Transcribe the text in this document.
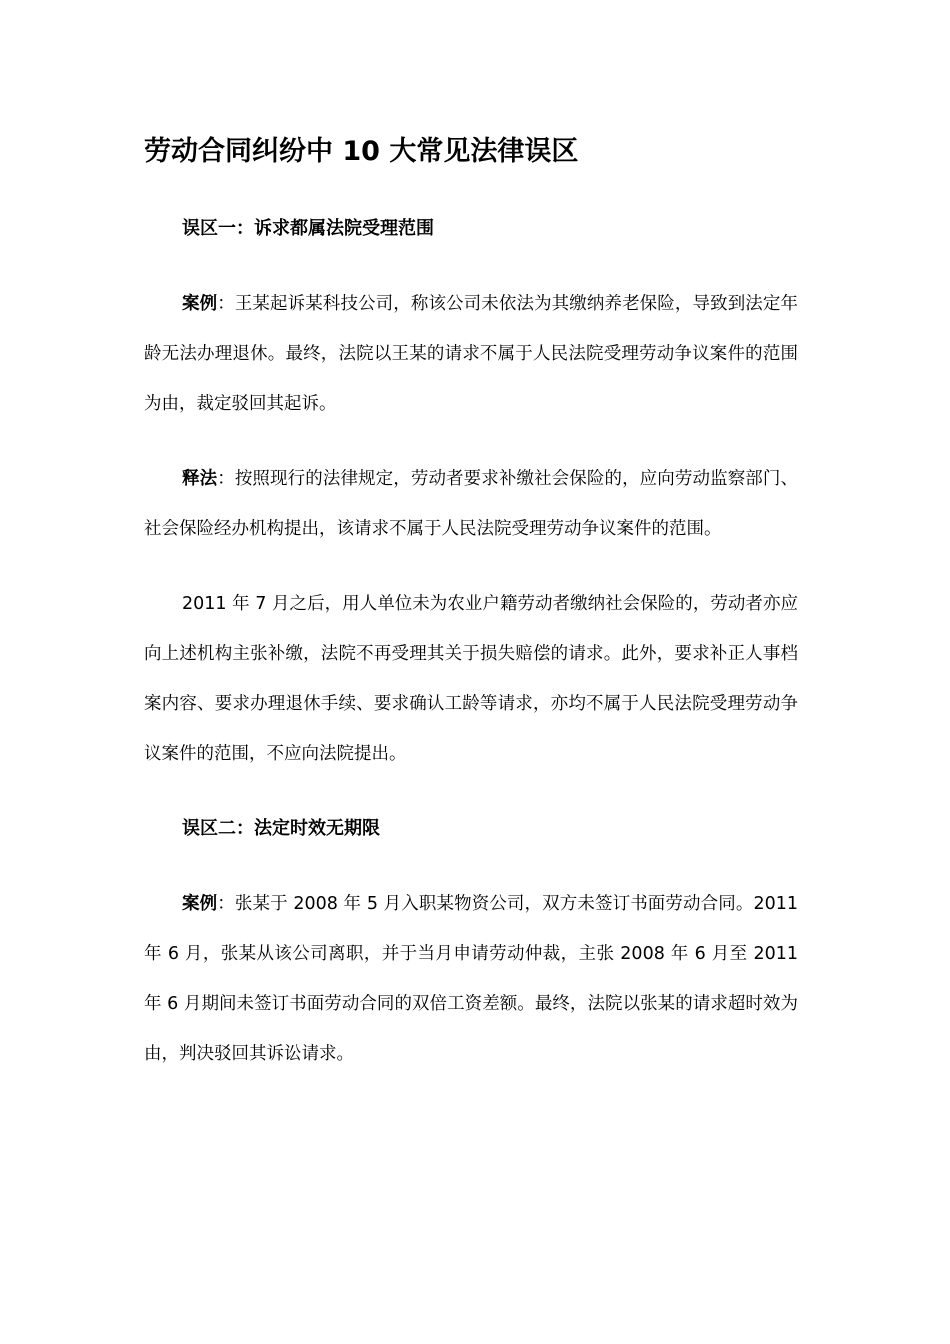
劳动合同纠纷中 10 大常见法律误区

误区一：诉求都属法院受理范围

案例：王某起诉某科技公司，称该公司未依法为其缴纳养老保险，导致到法定年龄无法办理退休。最终，法院以王某的请求不属于人民法院受理劳动争议案件的范围为由，裁定驳回其起诉。

释法：按照现行的法律规定，劳动者要求补缴社会保险的，应向劳动监察部门、社会保险经办机构提出，该请求不属于人民法院受理劳动争议案件的范围。

2011 年 7 月之后，用人单位未为农业户籍劳动者缴纳社会保险的，劳动者亦应向上述机构主张补缴，法院不再受理其关于损失赔偿的请求。此外，要求补正人事档案内容、要求办理退休手续、要求确认工龄等请求，亦均不属于人民法院受理劳动争议案件的范围，不应向法院提出。

误区二：法定时效无期限

案例：张某于 2008 年 5 月入职某物资公司，双方未签订书面劳动合同。2011 年 6 月，张某从该公司离职，并于当月申请劳动仲裁，主张 2008 年 6 月至 2011 年 6 月期间未签订书面劳动合同的双倍工资差额。最终，法院以张某的请求超时效为由，判决驳回其诉讼请求。
